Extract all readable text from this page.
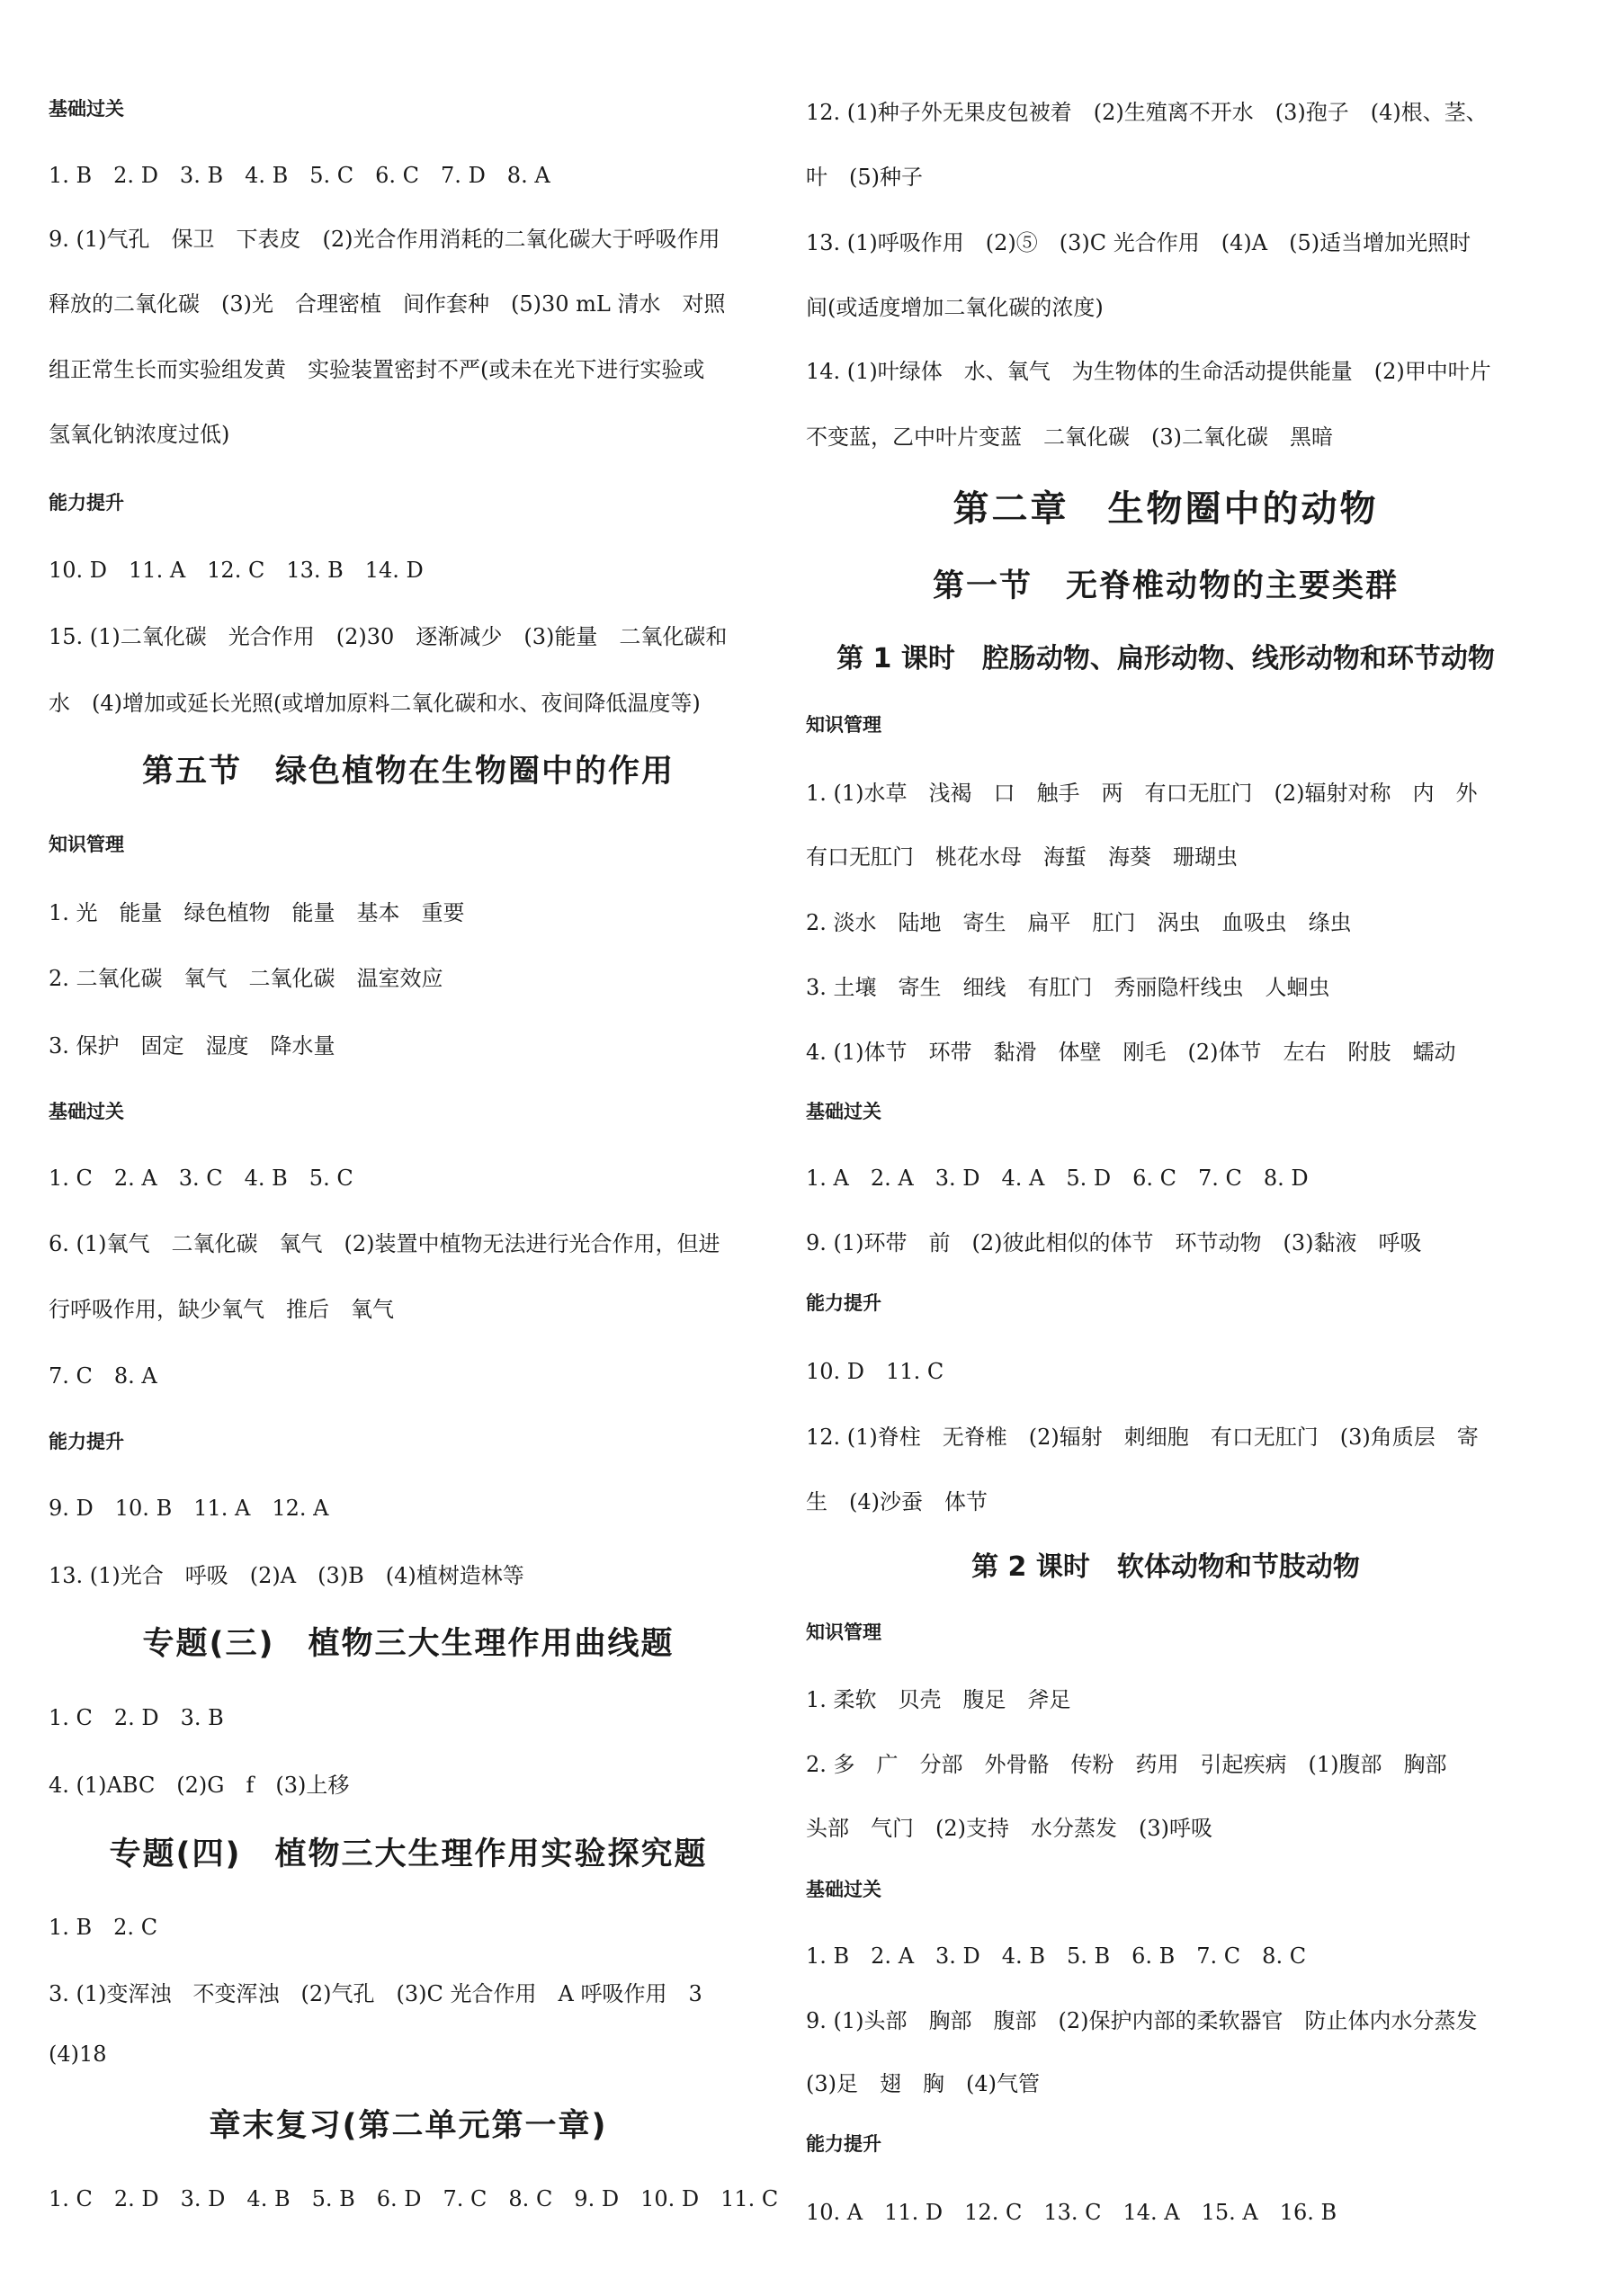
基础过关
1. B　2. D　3. B　4. B　5. C　6. C　7. D　8. A
9. (1)气孔　保卫　下表皮　(2)光合作用消耗的二氧化碳大于呼吸作用
释放的二氧化碳　(3)光　合理密植　间作套种　(5)30 mL 清水　对照
组正常生长而实验组发黄　实验装置密封不严(或未在光下进行实验或
氢氧化钠浓度过低)
能力提升
10. D　11. A　12. C　13. B　14. D
15. (1)二氧化碳　光合作用　(2)30　逐渐减少　(3)能量　二氧化碳和
水　(4)增加或延长光照(或增加原料二氧化碳和水、夜间降低温度等)
第五节　绿色植物在生物圈中的作用
知识管理
1. 光　能量　绿色植物　能量　基本　重要
2. 二氧化碳　氧气　二氧化碳　温室效应
3. 保护　固定　湿度　降水量
基础过关
1. C　2. A　3. C　4. B　5. C
6. (1)氧气　二氧化碳　氧气　(2)装置中植物无法进行光合作用，但进
行呼吸作用，缺少氧气　推后　氧气
7. C　8. A
能力提升
9. D　10. B　11. A　12. A
13. (1)光合　呼吸　(2)A　(3)B　(4)植树造林等
专题(三)　植物三大生理作用曲线题
1. C　2. D　3. B
4. (1)ABC　(2)G　f　(3)上移
专题(四)　植物三大生理作用实验探究题
1. B　2. C
3. (1)变浑浊　不变浑浊　(2)气孔　(3)C 光合作用　A 呼吸作用　3
(4)18
章末复习(第二单元第一章)
1. C　2. D　3. D　4. B　5. B　6. D　7. C　8. C　9. D　10. D　11. C
12. (1)种子外无果皮包被着　(2)生殖离不开水　(3)孢子　(4)根、茎、
叶　(5)种子
13. (1)呼吸作用　(2)⑤　(3)C 光合作用　(4)A　(5)适当增加光照时
间(或适度增加二氧化碳的浓度)
14. (1)叶绿体　水、氧气　为生物体的生命活动提供能量　(2)甲中叶片
不变蓝，乙中叶片变蓝　二氧化碳　(3)二氧化碳　黑暗
第二章　生物圈中的动物
第一节　无脊椎动物的主要类群
第 1 课时　腔肠动物、扁形动物、线形动物和环节动物
知识管理
1. (1)水草　浅褐　口　触手　两　有口无肛门　(2)辐射对称　内　外
有口无肛门　桃花水母　海蜇　海葵　珊瑚虫
2. 淡水　陆地　寄生　扁平　肛门　涡虫　血吸虫　绦虫
3. 土壤　寄生　细线　有肛门　秀丽隐杆线虫　人蛔虫
4. (1)体节　环带　黏滑　体壁　刚毛　(2)体节　左右　附肢　蠕动
基础过关
1. A　2. A　3. D　4. A　5. D　6. C　7. C　8. D
9. (1)环带　前　(2)彼此相似的体节　环节动物　(3)黏液　呼吸
能力提升
10. D　11. C
12. (1)脊柱　无脊椎　(2)辐射　刺细胞　有口无肛门　(3)角质层　寄
生　(4)沙蚕　体节
第 2 课时　软体动物和节肢动物
知识管理
1. 柔软　贝壳　腹足　斧足
2. 多　广　分部　外骨骼　传粉　药用　引起疾病　(1)腹部　胸部
头部　气门　(2)支持　水分蒸发　(3)呼吸
基础过关
1. B　2. A　3. D　4. B　5. B　6. B　7. C　8. C
9. (1)头部　胸部　腹部　(2)保护内部的柔软器官　防止体内水分蒸发
(3)足　翅　胸　(4)气管
能力提升
10. A　11. D　12. C　13. C　14. A　15. A　16. B
